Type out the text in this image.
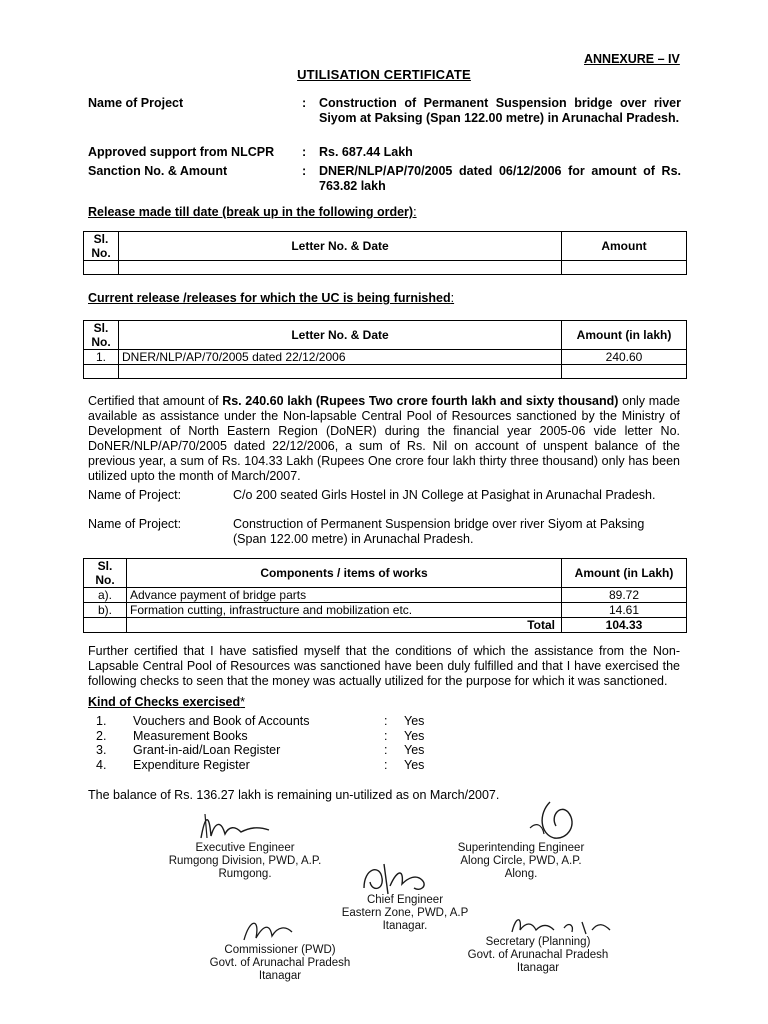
ANNEXURE – IV
UTILISATION CERTIFICATE
Name of Project	: Construction of Permanent Suspension bridge over river Siyom at Paksing (Span 122.00 metre) in Arunachal Pradesh.
Approved support from NLCPR : Rs. 687.44 Lakh
Sanction No. & Amount	: DNER/NLP/AP/70/2005 dated 06/12/2006 for amount of Rs. 763.82 lakh
Release made till date (break up in the following order):
Sl. No.	Letter No. & Date	Amount

Current release /releases for which the UC is being furnished:
Sl. No.	Letter No. & Date	Amount (in lakh)
1.	DNER/NLP/AP/70/2005 dated 22/12/2006	240.60

Certified that amount of Rs. 240.60 lakh (Rupees Two crore fourth lakh and sixty thousand) only made available as assistance under the Non-lapsable Central Pool of Resources sanctioned by the Ministry of Development of North Eastern Region (DoNER) during the financial year 2005-06 vide letter No. DoNER/NLP/AP/70/2005 dated 22/12/2006, a sum of Rs. Nil on account of unspent balance of the previous year, a sum of Rs. 104.33 Lakh (Rupees One crore four lakh thirty three thousand) only has been utilized upto the month of March/2007.
Name of Project:	C/o 200 seated Girls Hostel in JN College at Pasighat in Arunachal Pradesh.
Name of Project:	Construction of Permanent Suspension bridge over river Siyom at Paksing (Span 122.00 metre) in Arunachal Pradesh.
Sl. No.	Components / items of works	Amount (in Lakh)
a).	Advance payment of bridge parts	89.72
b).	Formation cutting, infrastructure and mobilization etc.	14.61
	Total	104.33
Further certified that I have satisfied myself that the conditions of which the assistance from the Non-Lapsable Central Pool of Resources was sanctioned have been duly fulfilled and that I have exercised the following checks to seen that the money was actually utilized for the purpose for which it was sanctioned.
Kind of Checks exercised*
1. Vouchers and Book of Accounts	: Yes
2. Measurement Books	: Yes
3. Grant-in-aid/Loan Register	: Yes
4. Expenditure Register	: Yes
The balance of Rs. 136.27 lakh is remaining un-utilized as on March/2007.
Executive Engineer
Rumgong Division, PWD, A.P.
Rumgong.
Superintending Engineer
Along Circle, PWD, A.P.
Along.
Chief Engineer
Eastern Zone, PWD, A.P
Itanagar.
Commissioner (PWD)
Govt. of Arunachal Pradesh
Itanagar
Secretary (Planning)
Govt. of Arunachal Pradesh
Itanagar
